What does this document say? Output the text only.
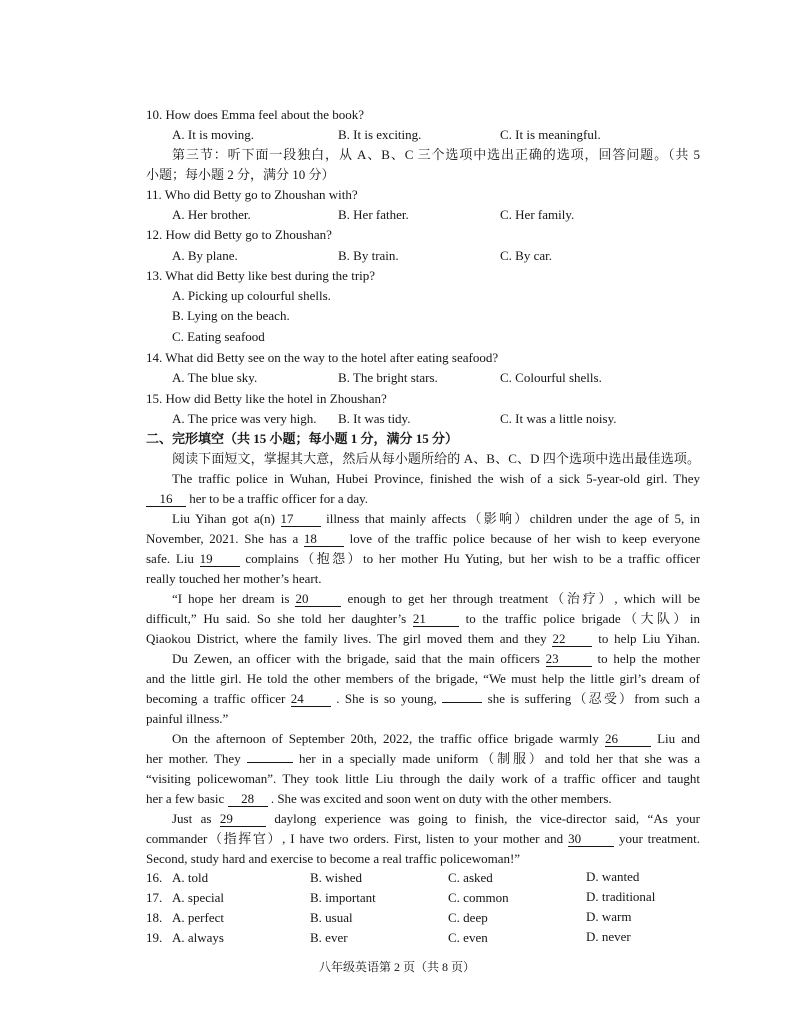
10. How does Emma feel about the book?
A. It is moving.	B. It is exciting.	C. It is meaningful.
第三节：听下面一段独白，从 A、B、C 三个选项中选出正确的选项，回答问题。（共 5
小题；每小题 2 分，满分 10 分）
11. Who did Betty go to Zhoushan with?
A. Her brother.	B. Her father.	C. Her family.
12. How did Betty go to Zhoushan?
A. By plane.	B. By train.	C. By car.
13. What did Betty like best during the trip?
A. Picking up colourful shells.
B. Lying on the beach.
C. Eating seafood
14. What did Betty see on the way to the hotel after eating seafood?
A. The blue sky.	B. The bright stars.	C. Colourful shells.
15. How did Betty like the hotel in Zhoushan?
A. The price was very high. B. It was tidy.	C. It was a little noisy.
二、完形填空（共 15 小题；每小题 1 分，满分 15 分）
阅读下面短文，掌握其大意，然后从每小题所给的 A、B、C、D 四个选项中选出最佳选项。
The traffic police in Wuhan, Hubei Province, finished the wish of a sick 5-year-old girl. They
16 her to be a traffic officer for a day.
Liu Yihan got a(n) 17	illness that mainly affects（影响）children under the age of 5, in
November, 2021. She has a 18	love of the traffic police because of her wish to keep everyone
safe. Liu 19	complains（抱怨）to her mother Hu Yuting, but her wish to be a traffic officer
really touched her mother’s heart.
“I hope her dream is 20	enough to get her through treatment（治疗）, which will be
difficult,” Hu said. So she told her daughter’s 21	to the traffic police brigade（大队）in
Qiaokou District, where the family lives. The girl moved them and they 22	to help Liu Yihan.
Du Zewen, an officer with the brigade, said that the main officers 23	to help the mother
and the little girl. He told the other members of the brigade, “We must help the little girl’s dream of
becoming a traffic officer 24 . She is so young,	she is suffering（忍受）from such a
painful illness.”
On the afternoon of September 20th, 2022, the traffic office brigade warmly 26	Liu and
her mother. They	her in a specially made uniform（制服）and told her that she was a
“visiting policewoman”. They took little Liu through the daily work of a traffic officer and taught
her a few basic 28 . She was excited and soon went on duty with the other members.
Just as 29	daylong experience was going to finish, the vice-director said, “As your
commander（指挥官）, I have two orders. First, listen to your mother and 30	your treatment.
Second, study hard and exercise to become a real traffic policewoman!”
16. A. told	B. wished	C. asked	D. wanted
17. A. special	B. important	C. common	D. traditional
18. A. perfect	B. usual	C. deep	D. warm
19. A. always	B. ever	C. even	D. never
八年级英语第 2 页（共 8 页）
